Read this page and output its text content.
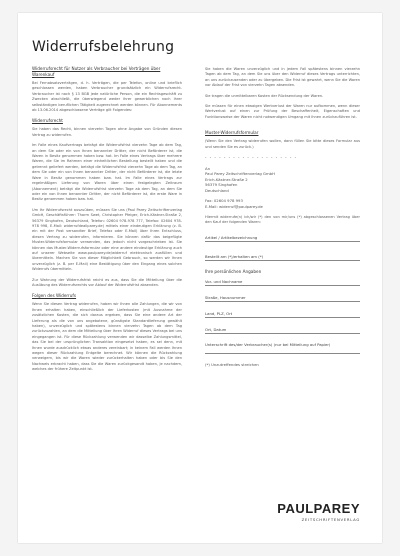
Widerrufsbelehrung
Widerrufsrecht für Nutzer als Verbraucher bei Verträgen über Warenkauf

Bei Fernabsatzverträgen, d. h. Verträgen, die per Telefon, online und brieflich geschlossen werden, haben Verbraucher grundsätzlich ein Widerrufsrecht. Verbraucher ist nach § 13 BGB jede natürliche Person, die ein Rechtsgeschäft zu Zwecken abschließt, die überwiegend weder ihrer gewerblichen noch ihrer selbständigen beruflichen Tätigkeit zugerechnet werden können. Für Abonnements ab 13.06.2014 abgeschlossene Verträge gilt Folgendes:

Widerrufsrecht

Sie haben das Recht, binnen vierzehn Tagen ohne Angabe von Gründen diesen Vertrag zu widerrufen.

Im Falle eines Kaufvertrags beträgt die Widerrufsfrist vierzehn Tage ab dem Tag, an dem Sie oder ein von Ihnen benannter Dritter, der nicht Beförderer ist, die Waren in Besitz genommen haben bzw. hat. Im Falle eines Vertrags über mehrere Waren, die Sie im Rahmen einer einheitlichen Bestellung bestellt haben und die getrennt geliefert werden, beträgt die Widerrufsfrist vierzehn Tage ab dem Tag, an dem Sie oder ein von Ihnen benannter Dritter, der nicht Beförderer ist, die letzte Ware in Besitz genommen haben bzw. hat. Im Falle eines Vertrags zur regelmäßigen Lieferung von Waren über einen festgelegten Zeitraum (Abonnement) beträgt die Widerrufsfrist vierzehn Tage ab dem Tag, an dem Sie oder ein von Ihnen benannter Dritter, der nicht Beförderer ist, die erste Ware in Besitz genommen haben bzw. hat.

Um Ihr Widerrufsrecht auszuüben, müssen Sie uns (Paul Parey Zeitschriftenverlag GmbH, Geschäftsführer: Thorm Swet, Christopher Pfeiger, Erich-Kästner-Straße 2, 56379 Singhofen, Deutschland, Telefon: 02604 978-978 777, Telefax: 02604 978-978 998, E-Mail: widerrufdeallparey.de) mittels einer eindeutigen Erklärung (z. B. ein mit der Post versandter Brief, Telefax oder E-Mail) über Ihren Entschluss, diesen Vertrag zu widerrufen, informieren. Sie können dafür das beigefügte Muster-Widerrufsformular verwenden, das jedoch nicht vorgeschrieben ist. Sie können das Muster-Widerrufsformular oder eine andere eindeutige Erklärung auch auf unserer Webseite www.paulparey.de/widerruf elektronisch ausfüllen und übermitteln. Machen Sie von dieser Möglichkeit Gebrauch, so werden wir Ihnen unverzüglich (z. B. per E-Mail) eine Bestätigung über den Eingang eines solchen Widerrufs übermitteln.

Zur Wahrung der Widerrufsfrist reicht es aus, dass Sie die Mitteilung über die Ausübung des Widerrufsrechts vor Ablauf der Widerrufsfrist absenden.

Folgen des Widerrufs

Wenn Sie diesen Vertrag widerrufen, haben wir Ihnen alle Zahlungen, die wir von Ihnen erhalten haben, einschließlich der Lieferkosten (mit Ausnahme der zusätzlichen Kosten, die sich daraus ergeben, dass Sie eine andere Art der Lieferung als die von uns angebotene, günstigste Standardlieferung gewählt haben), unverzüglich und spätestens binnen vierzehn Tagen ab dem Tag zurückzuzahlen, an dem die Mitteilung über Ihren Widerruf dieses Vertrags bei uns eingegangen ist. Für diese Rückzahlung verwenden wir dasselbe Zahlungsmittel, das Sie bei der ursprünglichen Transaktion eingesetzt haben, es sei denn, mit Ihnen wurde ausdrücklich etwas anderes vereinbart; in keinem Fall werden Ihnen wegen dieser Rückzahlung Entgelte berechnet. Wir können die Rückzahlung verweigern, bis wir die Waren wieder zurückerhalten haben oder bis Sie den Nachweis erbracht haben, dass Sie die Waren zurückgesandt haben, je nachdem, welches der frühere Zeitpunkt ist.

Sie haben die Waren unverzüglich und in jedem Fall spätestens binnen vierzehn Tagen ab dem Tag, an dem Sie uns über den Widerruf dieses Vertrags unterrichten, an uns zurückzusenden oder zu übergeben. Die Frist ist gewahrt, wenn Sie die Waren vor Ablauf der Frist von vierzehn Tagen absenden.

Sie tragen die unmittelbaren Kosten der Rücksendung der Waren.

Sie müssen für einen etwaigen Wertverlust der Waren nur aufkommen, wenn dieser Wertverlust auf einen zur Prüfung der Beschaffenheit, Eigenschaften und Funktionsweise der Waren nicht notwendigen Umgang mit ihnen zurückzuführen ist.

Muster-Widerrufsformular

(Wenn Sie den Vertrag widerrufen wollen, dann füllen Sie bitte dieses Formular aus und senden Sie es zurück.)

- - - - - - - - - - - - - - - - - - - -
An
Paul Parey Zeitschriftenverlag GmbH
Erich-Kästner-Straße 2
56379 Singhofen
Deutschland
Fax: 02604 978 993
E-Mail: widerruf@paulparey.de

Hiermit widerrufe(n) ich/wir (*) den von mir/uns (*) abgeschlossenen Vertrag über den Kauf der folgenden Waren:

Artikel / Artikelbezeichnung
Bestellt am (*)/erhalten am (*)
Ihre persönlichen Angaben
Vor- und Nachname
Straße, Hausnummer
Land, PLZ, Ort
Ort, Datum
Unterschrift des/der Verbraucher(s) (nur bei Mitteilung auf Papier)
(*) Unzutreffendes streichen
PAULPAREY
ZEITSCHRIFTENVERLAG
